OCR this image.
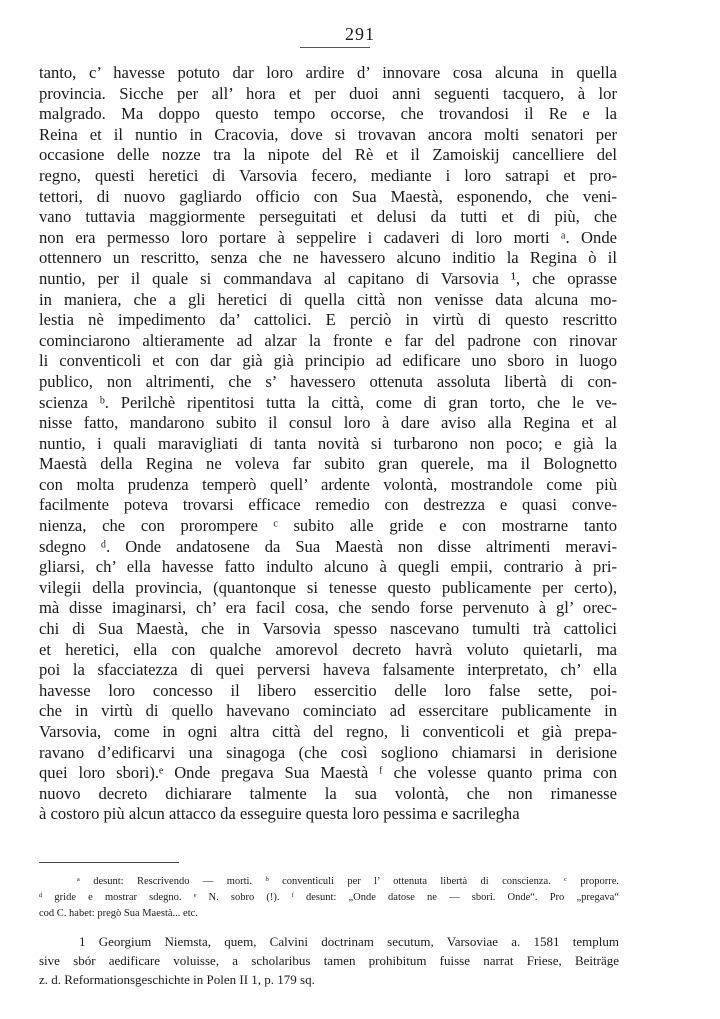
291
tanto, c’ havesse potuto dar loro ardire d’ innovare cosa alcuna in quella
provincia. Sicche per all’ hora et per duoi anni seguenti tacquero, à lor
malgrado. Ma doppo questo tempo occorse, che trovandosi il Re e la
Reina et il nuntio in Cracovia, dove si trovavan ancora molti senatori per
occasione delle nozze tra la nipote del Rè et il Zamoiskij cancelliere del
regno, questi heretici di Varsovia fecero, mediante i loro satrapi et pro-
tettori, di nuovo gagliardo officio con Sua Maestà, esponendo, che veni-
vano tuttavia maggiormente perseguitati et delusi da tutti et di più, che
non era permesso loro portare à seppelire i cadaveri di loro morti ᵃ. Onde
ottennero un rescritto, senza che ne havessero alcuno inditio la Regina ò il
nuntio, per il quale si commandava al capitano di Varsovia ¹, che oprasse
in maniera, che a gli heretici di quella città non venisse data alcuna mo-
lestia nè impedimento da’ cattolici. E perciò in virtù di questo rescritto
cominciarono altieramente ad alzar la fronte e far del padrone con rinovar
li conventicoli et con dar già già principio ad edificare uno sboro in luogo
publico, non altrimenti, che s’ havessero ottenuta assoluta libertà di con-
scienza ᵇ. Perilchè ripentitosi tutta la città, come di gran torto, che le ve-
nisse fatto, mandarono subito il consul loro à dare aviso alla Regina et al
nuntio, i quali maravigliati di tanta novità si turbarono non poco; e già la
Maestà della Regina ne voleva far subito gran querele, ma il Bolognetto
con molta prudenza temperò quell’ ardente volontà, mostrandole come più
facilmente poteva trovarsi efficace remedio con destrezza e quasi conve-
nienza, che con prorompere ᶜ subito alle gride e con mostrarne tanto
sdegno ᵈ. Onde andatosene da Sua Maestà non disse altrimenti meravi-
gliarsi, ch’ ella havesse fatto indulto alcuno à quegli empii, contrario à pri-
vilegii della provincia, (quantonque si tenesse questo publicamente per certo),
mà disse imaginarsi, ch’ era facil cosa, che sendo forse pervenuto à gl’ orec-
chi di Sua Maestà, che in Varsovia spesso nascevano tumulti trà cattolici
et heretici, ella con qualche amorevol decreto havrà voluto quietarli, ma
poi la sfacciatezza di quei perversi haveva falsamente interpretato, ch’ ella
havesse loro concesso il libero essercitio delle loro false sette, poi-
che in virtù di quello havevano cominciato ad essercitare publicamente in
Varsovia, come in ogni altra città del regno, li conventicoli et già prepa-
ravano d’edificarvi una sinagoga (che così sogliono chiamarsi in derisione
quei loro sbori).ᵉ Onde pregava Sua Maestà ᶠ che volesse quanto prima con
nuovo decreto dichiarare talmente la sua volontà, che non rimanesse
à costoro più alcun attacco da esseguire questa loro pessima e sacrilegha
ᵃ desunt: Rescrivendo — morti. ᵇ conventiculi per l’ ottenuta libertà di conscienza. ᶜ proporre.
ᵈ gride e mostrar sdegno. ᵉ N. sobro (!). ᶠ desunt: „Onde datose ne — sbori. Onde“. Pro „pregava“
cod C. habet: pregò Sua Maestà... etc.
1 Georgium Niemsta, quem, Calvini doctrinam secutum, Varsoviae a. 1581 templum
sive sbór aedificare voluisse, a scholaribus tamen prohibitum fuisse narrat Friese, Beiträge
z. d. Reformationsgeschichte in Polen II 1, p. 179 sq.
